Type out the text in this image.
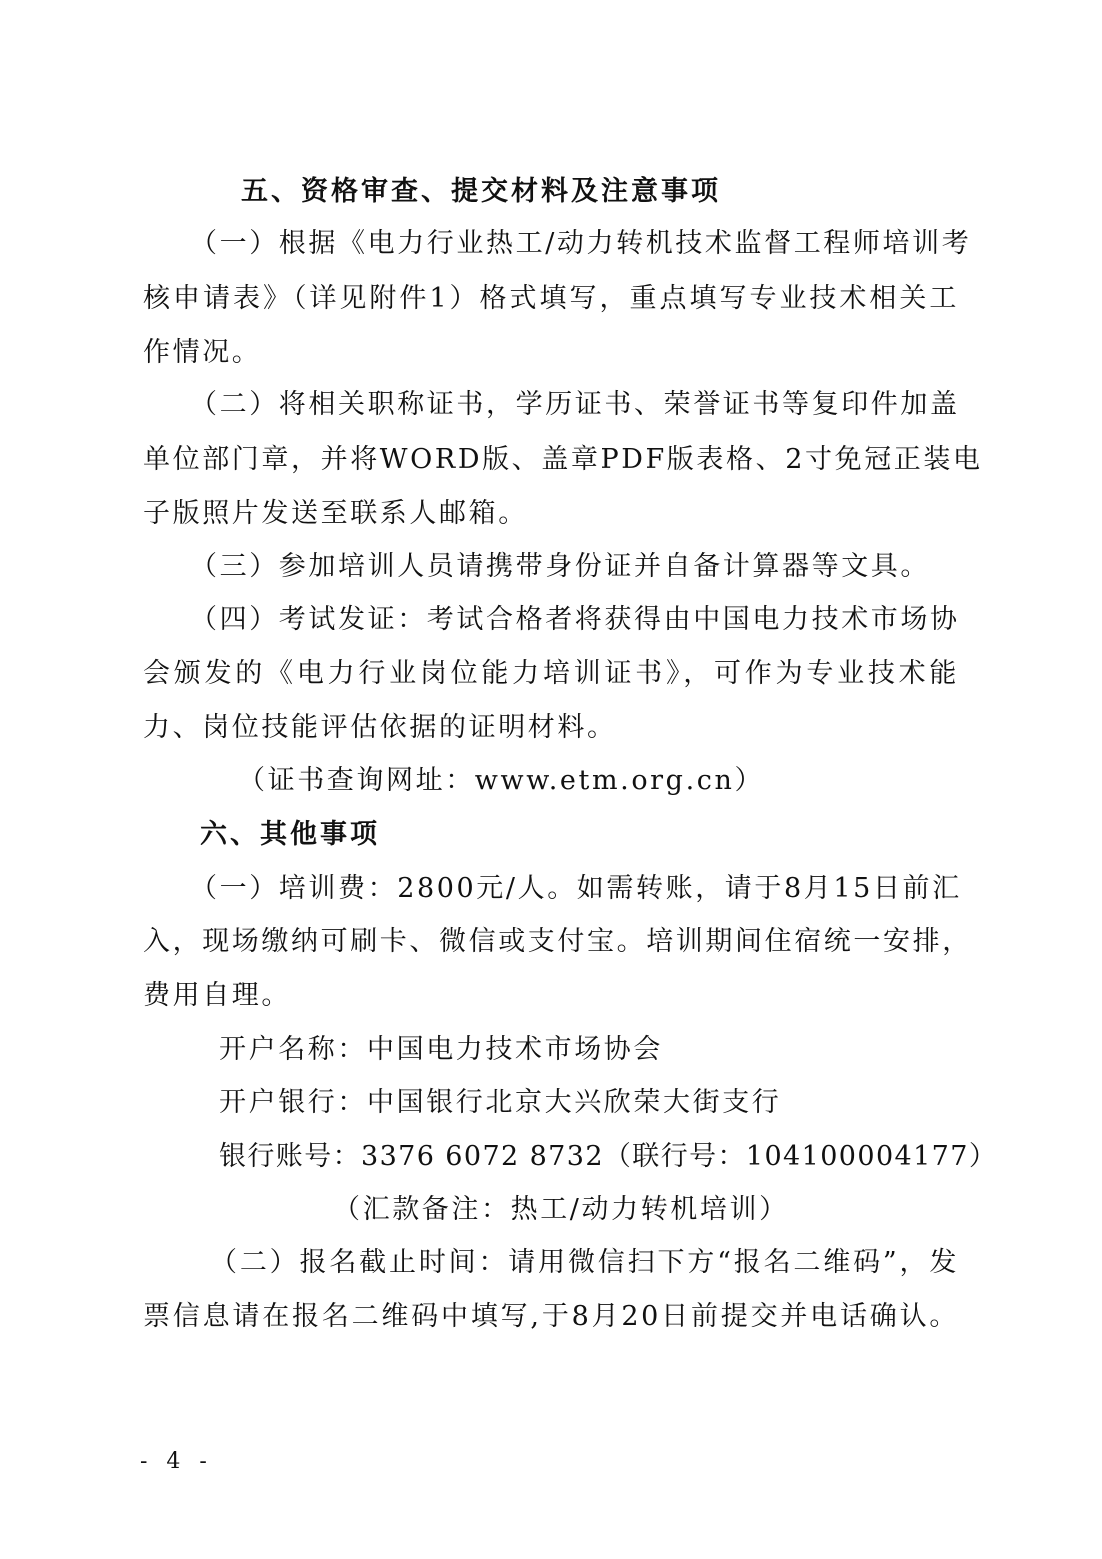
五、资格审查、提交材料及注意事项
（一）根据《电力行业热工/动力转机技术监督工程师培训考
核申请表》（详见附件1）格式填写，重点填写专业技术相关工
作情况。
（二）将相关职称证书，学历证书、荣誉证书等复印件加盖
单位部门章，并将WORD版、盖章PDF版表格、2寸免冠正装电
子版照片发送至联系人邮箱。
（三）参加培训人员请携带身份证并自备计算器等文具。
（四）考试发证：考试合格者将获得由中国电力技术市场协
会颁发的《电力行业岗位能力培训证书》，可作为专业技术能
力、岗位技能评估依据的证明材料。
（证书查询网址：www.etm.org.cn）
六、其他事项
（一）培训费：2800元/人。如需转账，请于8月15日前汇
入，现场缴纳可刷卡、微信或支付宝。培训期间住宿统一安排，
费用自理。
开户名称：中国电力技术市场协会
开户银行：中国银行北京大兴欣荣大街支行
银行账号：3376 6072 8732（联行号：104100004177）
（汇款备注：热工/动力转机培训）
（二）报名截止时间：请用微信扫下方“报名二维码”，发
票信息请在报名二维码中填写,于8月20日前提交并电话确认。
- 4 -
